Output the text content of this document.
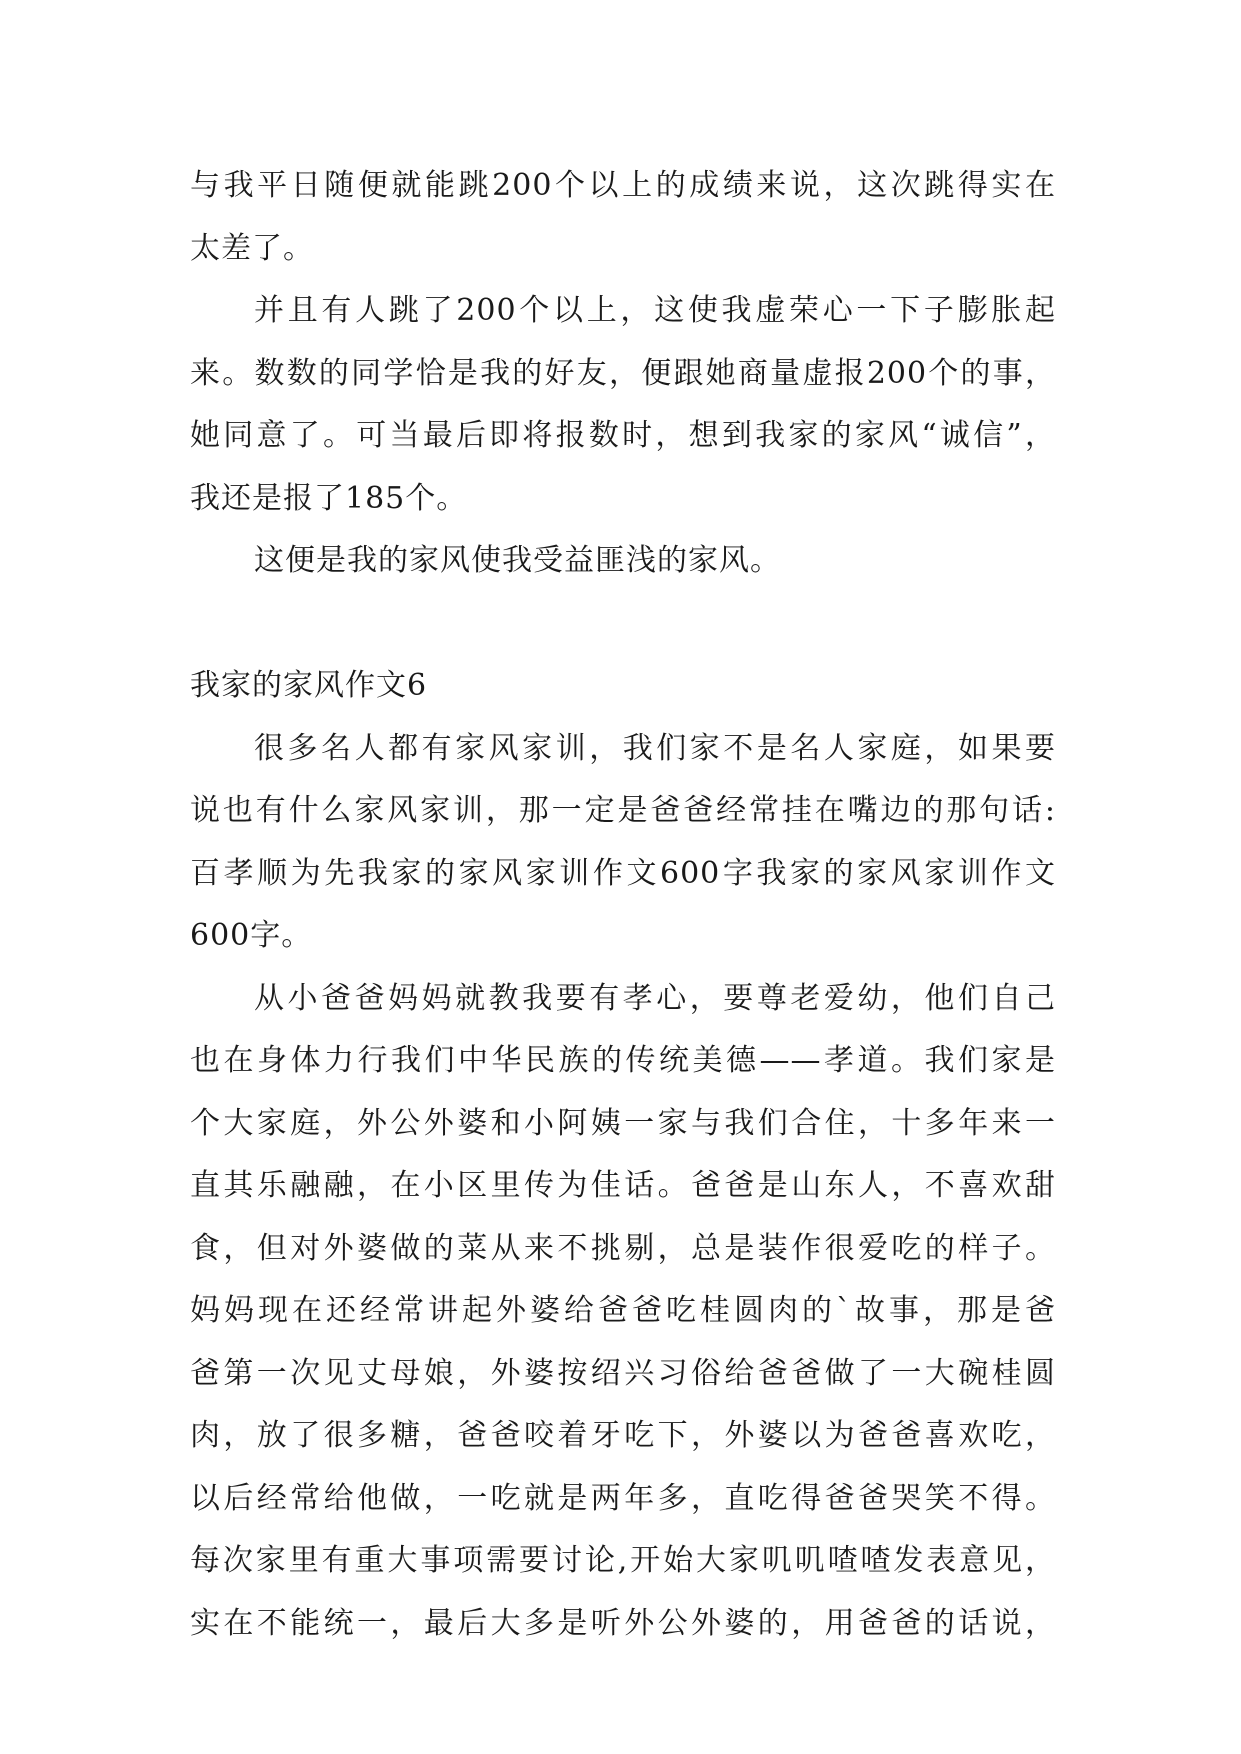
与我平日随便就能跳200个以上的成绩来说，这次跳得实在
太差了。
并且有人跳了200个以上，这使我虚荣心一下子膨胀起
来。数数的同学恰是我的好友，便跟她商量虚报200个的事，
她同意了。可当最后即将报数时，想到我家的家风“诚信”，
我还是报了185个。
这便是我的家风使我受益匪浅的家风。
我家的家风作文6
很多名人都有家风家训，我们家不是名人家庭，如果要
说也有什么家风家训，那一定是爸爸经常挂在嘴边的那句话:
百孝顺为先我家的家风家训作文600字我家的家风家训作文
600字。
从小爸爸妈妈就教我要有孝心，要尊老爱幼，他们自己
也在身体力行我们中华民族的传统美德——孝道。我们家是
个大家庭，外公外婆和小阿姨一家与我们合住，十多年来一
直其乐融融，在小区里传为佳话。爸爸是山东人，不喜欢甜
食，但对外婆做的菜从来不挑剔，总是装作很爱吃的样子。
妈妈现在还经常讲起外婆给爸爸吃桂圆肉的`故事，那是爸
爸第一次见丈母娘，外婆按绍兴习俗给爸爸做了一大碗桂圆
肉，放了很多糖，爸爸咬着牙吃下，外婆以为爸爸喜欢吃，
以后经常给他做，一吃就是两年多，直吃得爸爸哭笑不得。
每次家里有重大事项需要讨论,开始大家叽叽喳喳发表意见，
实在不能统一，最后大多是听外公外婆的，用爸爸的话说，
